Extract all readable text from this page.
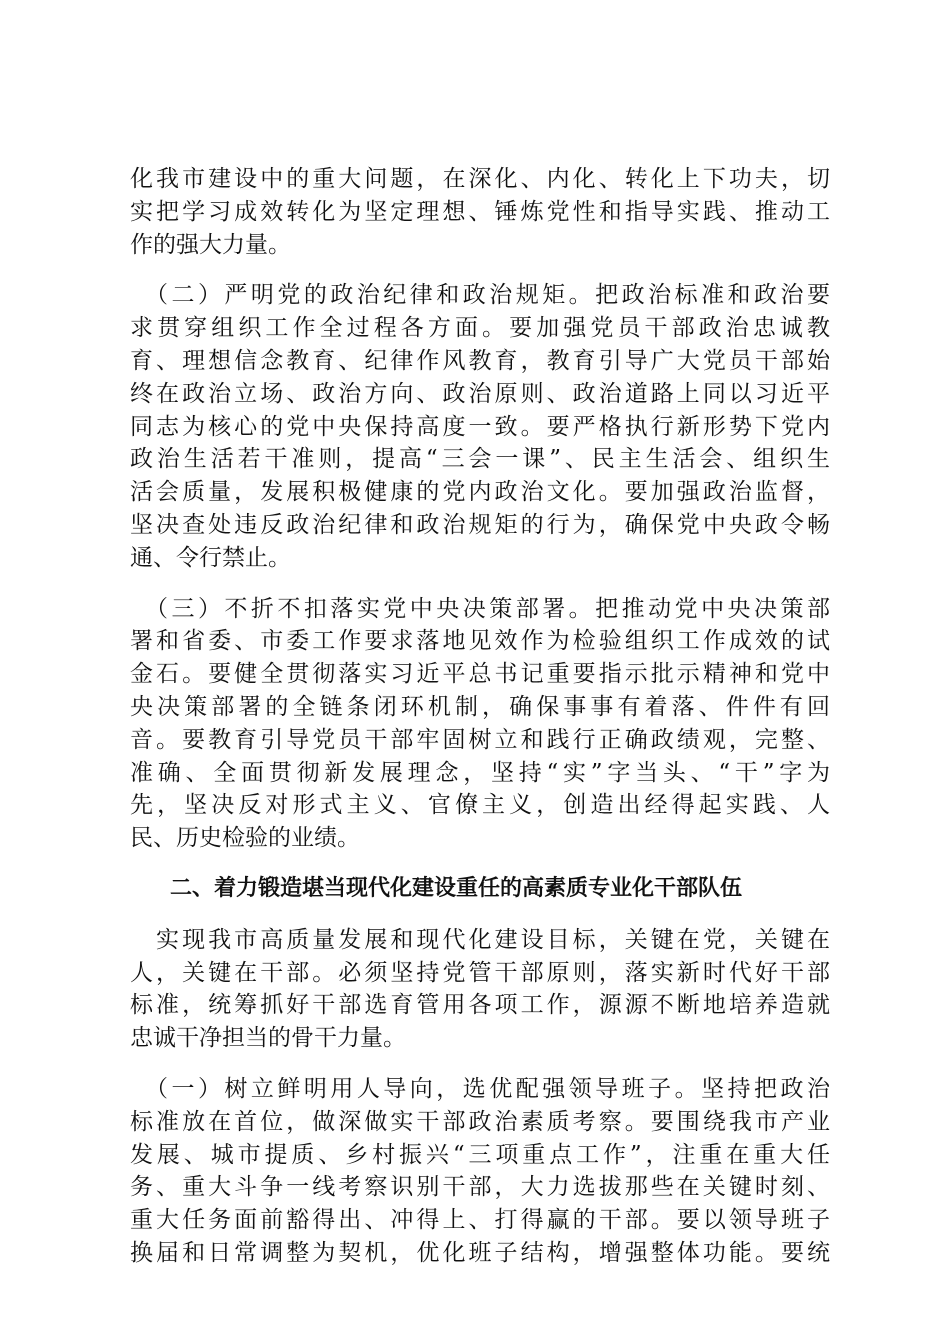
化我市建设中的重大问题，在深化、内化、转化上下功夫，切
实把学习成效转化为坚定理想、锤炼党性和指导实践、推动工
作的强大力量。
　（二）严明党的政治纪律和政治规矩。把政治标准和政治要
求贯穿组织工作全过程各方面。要加强党员干部政治忠诚教
育、理想信念教育、纪律作风教育，教育引导广大党员干部始
终在政治立场、政治方向、政治原则、政治道路上同以习近平
同志为核心的党中央保持高度一致。要严格执行新形势下党内
政治生活若干准则，提高“三会一课”、民主生活会、组织生
活会质量，发展积极健康的党内政治文化。要加强政治监督，
坚决查处违反政治纪律和政治规矩的行为，确保党中央政令畅
通、令行禁止。
　（三）不折不扣落实党中央决策部署。把推动党中央决策部
署和省委、市委工作要求落地见效作为检验组织工作成效的试
金石。要健全贯彻落实习近平总书记重要指示批示精神和党中
央决策部署的全链条闭环机制，确保事事有着落、件件有回
音。要教育引导党员干部牢固树立和践行正确政绩观，完整、
准确、全面贯彻新发展理念，坚持“实”字当头、“干”字为
先，坚决反对形式主义、官僚主义，创造出经得起实践、人
民、历史检验的业绩。
二、着力锻造堪当现代化建设重任的高素质专业化干部队伍
　实现我市高质量发展和现代化建设目标，关键在党，关键在
人，关键在干部。必须坚持党管干部原则，落实新时代好干部
标准，统筹抓好干部选育管用各项工作，源源不断地培养造就
忠诚干净担当的骨干力量。
　（一）树立鲜明用人导向，选优配强领导班子。坚持把政治
标准放在首位，做深做实干部政治素质考察。要围绕我市产业
发展、城市提质、乡村振兴“三项重点工作”，注重在重大任
务、重大斗争一线考察识别干部，大力选拔那些在关键时刻、
重大任务面前豁得出、冲得上、打得赢的干部。要以领导班子
换届和日常调整为契机，优化班子结构，增强整体功能。要统
